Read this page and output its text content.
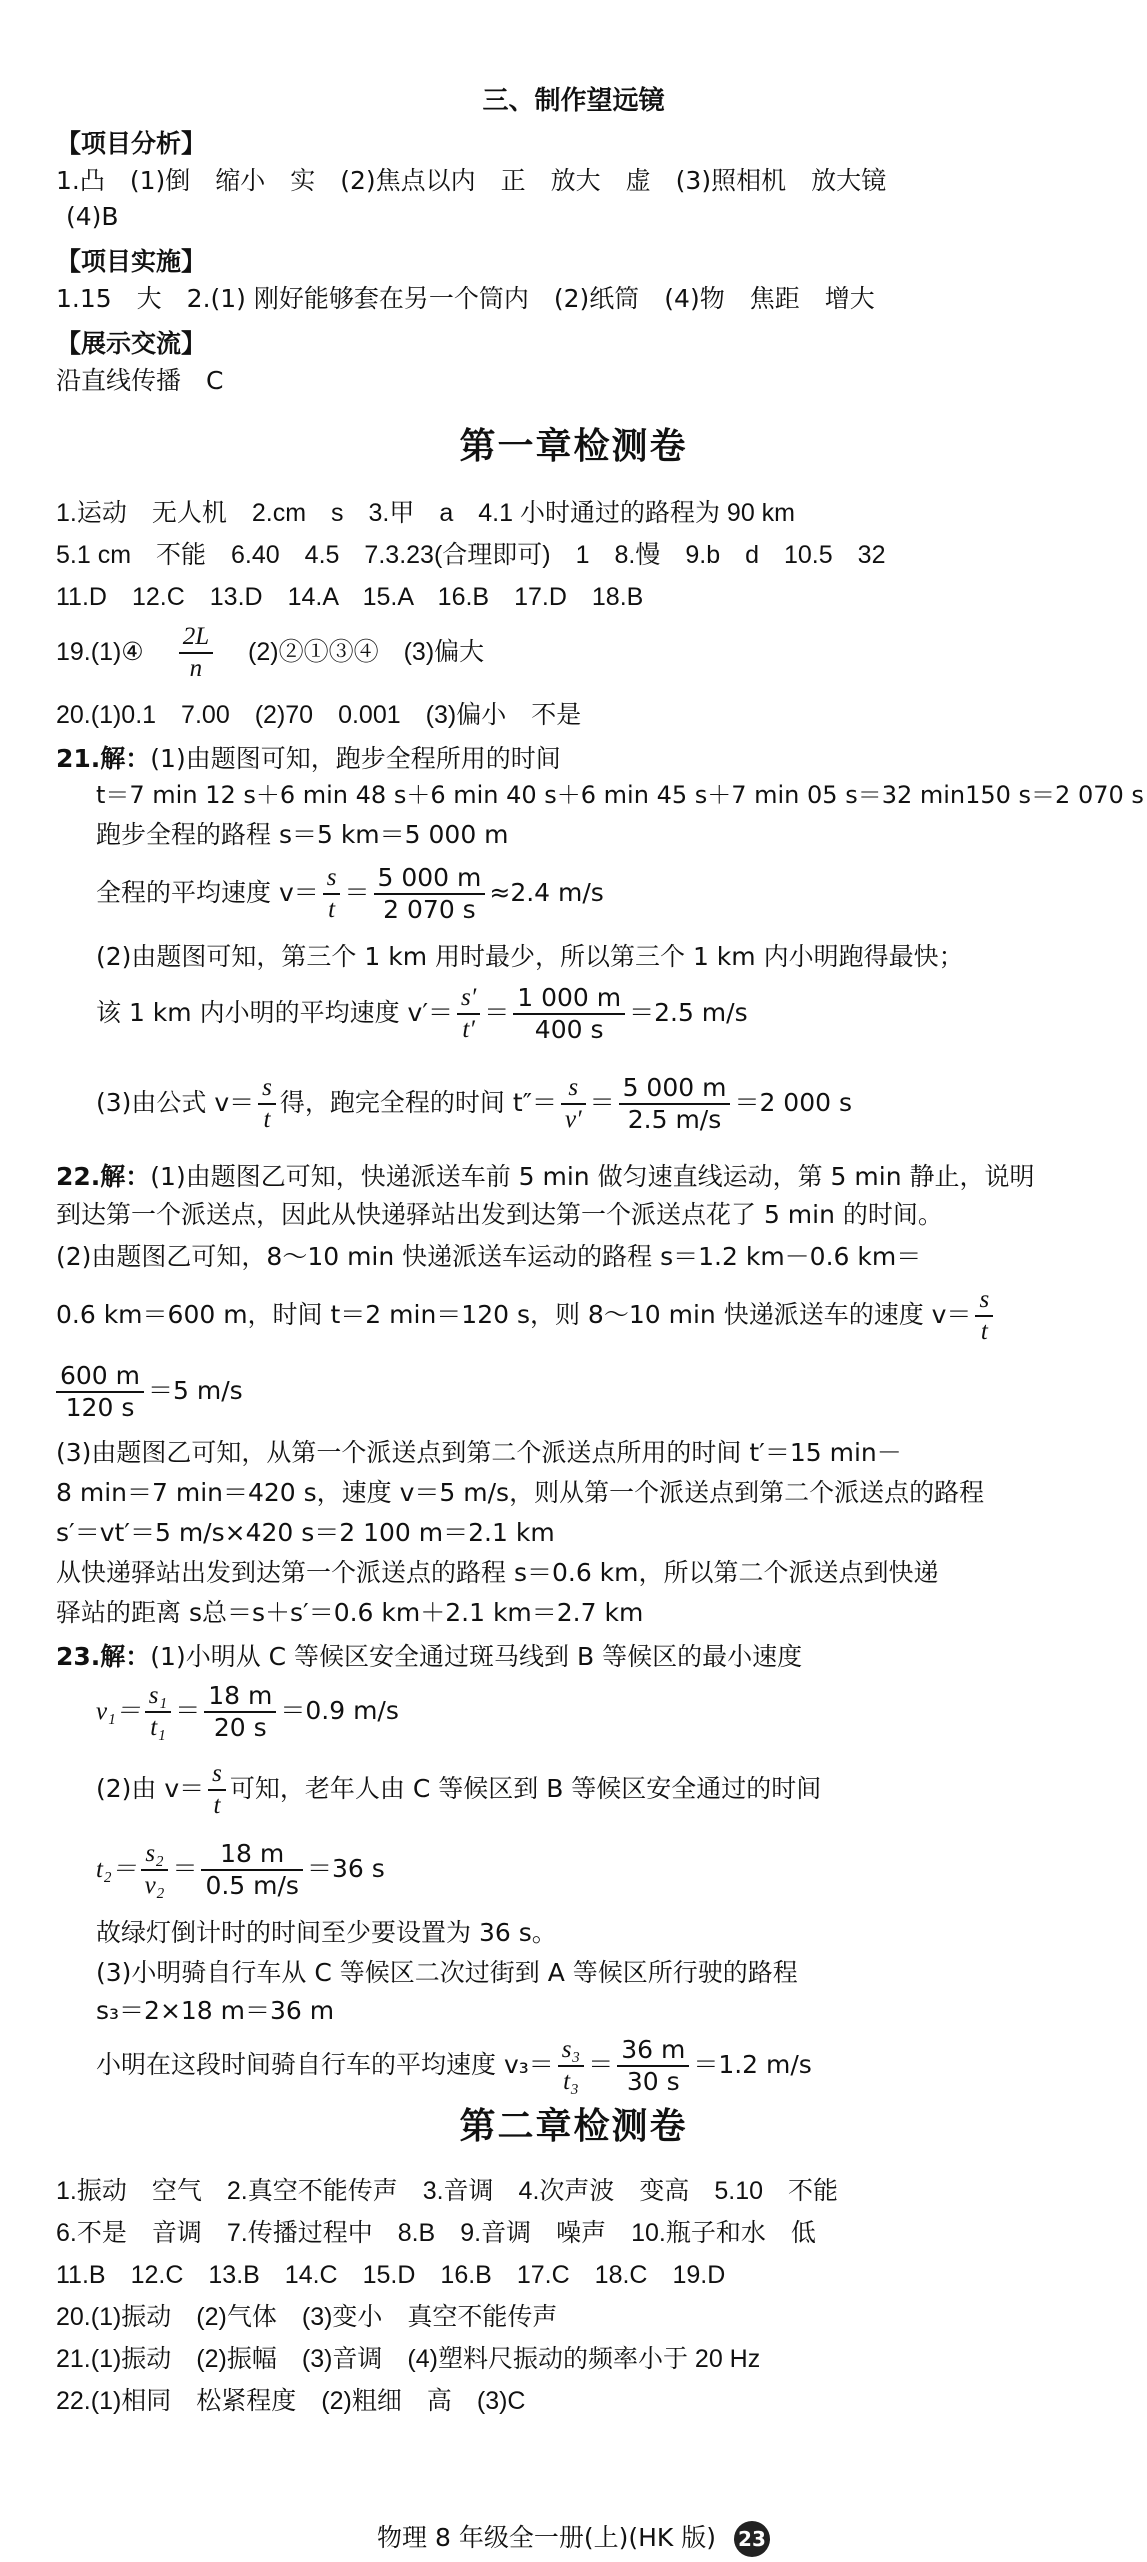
三、制作望远镜
【项目分析】
1.凸　(1)倒　缩小　实　(2)焦点以内　正　放大　虚　(3)照相机　放大镜
(4)B
【项目实施】
1.15　大　2.(1) 刚好能够套在另一个筒内　(2)纸筒　(4)物　焦距　增大
【展示交流】
沿直线传播　C
第一章检测卷
1.运动　无人机　2.cm　s　3.甲　a　4.1 小时通过的路程为 90 km
5.1 cm　不能　6.40　4.5　7.3.23(合理即可)　1　8.慢　9.b　d　10.5　32
11.D　12.C　13.D　14.A　15.A　16.B　17.D　18.B
19.(1)④ $\frac{2L}{n}$ (2)②①③④　(3)偏大
20.(1)0.1　7.00　(2)70　0.001　(3)偏小　不是
21.解：(1)由题图可知，跑步全程所用的时间
t＝7 min 12 s＋6 min 48 s＋6 min 40 s＋6 min 45 s＋7 min 05 s＝32 min150 s＝2 070 s
跑步全程的路程 s＝5 km＝5 000 m
全程的平均速度 $v= \frac{s}{t} = \frac{5 000 m}{2 070 s} \approx 2.4$ m/s
(2)由题图可知，第三个 1 km 用时最少，所以第三个 1 km 内小明跑得最快；
该 1 km 内小明的平均速度 $v'= \frac{s'}{t'} = \frac{1 000 m}{400 s} =2.5$ m/s
(3)由公式 $v= \frac{s}{t}$ 得，跑完全程的时间 $t''= \frac{s}{v'} = \frac{5 000 m}{2.5 m/s} =2$ 000 s
22.解：(1)由题图乙可知，快递派送车前 5 min 做匀速直线运动，第 5 min 静止，说明
到达第一个派送点，因此从快递驿站出发到达第一个派送点花了 5 min 的时间。
(2)由题图乙可知，8～10 min 快递派送车运动的路程 s＝1.2 km－0.6 km＝
0.6 km＝600 m，时间 t＝2 min＝120 s，则 8～10 min 快递派送车的速度 $v= \frac{s}{t}$
$\frac{600 m}{120 s} =5$ m/s
(3)由题图乙可知，从第一个派送点到第二个派送点所用的时间 t′＝15 min－
8 min＝7 min＝420 s，速度 v＝5 m/s，则从第一个派送点到第二个派送点的路程
s′＝vt′＝5 m/s×420 s＝2 100 m＝2.1 km
从快递驿站出发到达第一个派送点的路程 s＝0.6 km，所以第二个派送点到快递
驿站的距离 s总＝s＋s′＝0.6 km＋2.1 km＝2.7 km
23.解：(1)小明从 C 等候区安全通过斑马线到 B 等候区的最小速度
$v_1= \frac{\text{s₁}}{\text{t₁}} = \frac{18 m}{20 s} =0.9$ m/s
(2)由 $v= \frac{s}{t}$ 可知，老年人由 C 等候区到 B 等候区安全通过的时间
$t_2= \frac{\text{s₂}}{\text{v₂}} = \frac{18 m}{0.5 m/s} =36$ s
故绿灯倒计时的时间至少要设置为 36 s。
(3)小明骑自行车从 C 等候区二次过街到 A 等候区所行驶的路程
s₃＝2×18 m＝36 m
小明在这段时间骑自行车的平均速度 $v_3= \frac{\text{s₃}}{\text{t₃}} = \frac{36 m}{30 s} =1.2$ m/s
第二章检测卷
1.振动　空气　2.真空不能传声　3.音调　4.次声波　变高　5.10　不能
6.不是　音调　7.传播过程中　8.B　9.音调　噪声　10.瓶子和水　低
11.B　12.C　13.B　14.C　15.D　16.B　17.C　18.C　19.D
20.(1)振动　(2)气体　(3)变小　真空不能传声
21.(1)振动　(2)振幅　(3)音调　(4)塑料尺振动的频率小于 20 Hz
22.(1)相同　松紧程度　(2)粗细　高　(3)C
物理 8 年级全一册(上)(HK 版) 23
